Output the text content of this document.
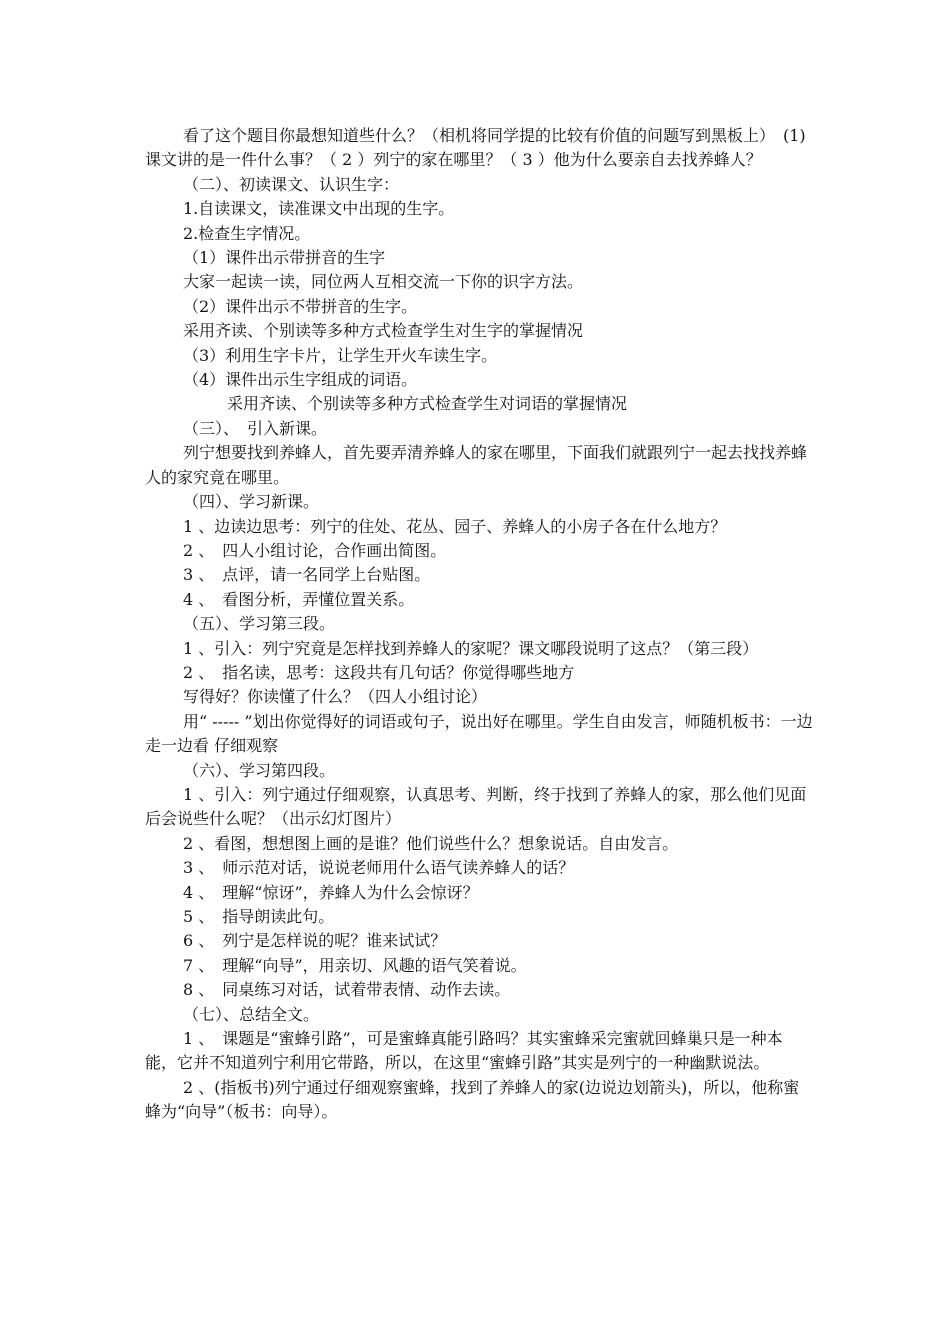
看了这个题目你最想知道些什么？（相机将同学提的比较有价值的问题写到黑板上）　(1) 课文讲的是一件什么事？（ 2 ）列宁的家在哪里？（ 3 ）他为什么要亲自去找养蜂人？

（二）、初读课文、认识生字：

1.自读课文，读准课文中出现的生字。

2.检查生字情况。

（1）课件出示带拼音的生字

大家一起读一读，同位两人互相交流一下你的识字方法。

（2）课件出示不带拼音的生字。

采用齐读、个别读等多种方式检查学生对生字的掌握情况

（3）利用生字卡片，让学生开火车读生字。

（4）课件出示生字组成的词语。

采用齐读、个别读等多种方式检查学生对词语的掌握情况

（三）、　引入新课。

列宁想要找到养蜂人，首先要弄清养蜂人的家在哪里，下面我们就跟列宁一起去找找养蜂人的家究竟在哪里。

（四）、学习新课。

1 、边读边思考：列宁的住处、花丛、园子、养蜂人的小房子各在什么地方？

2 、　四人小组讨论，合作画出简图。

3 、　点评，请一名同学上台贴图。

4 、　看图分析，弄懂位置关系。

（五）、学习第三段。

1 、引入：列宁究竟是怎样找到养蜂人的家呢？课文哪段说明了这点？（第三段）

2 、　指名读，思考：这段共有几句话？你觉得哪些地方

写得好？你读懂了什么？（四人小组讨论）

用“ ----- ”划出你觉得好的词语或句子，说出好在哪里。学生自由发言，师随机板书：一边走一边看 仔细观察

（六）、学习第四段。

1 、引入：列宁通过仔细观察，认真思考、判断，终于找到了养蜂人的家，那么他们见面后会说些什么呢？（出示幻灯图片）

2 、看图，想想图上画的是谁？他们说些什么？想象说话。自由发言。

3 、　师示范对话，说说老师用什么语气读养蜂人的话？

4 、　理解“惊讶”，养蜂人为什么会惊讶？

5 、　指导朗读此句。

6 、　列宁是怎样说的呢？谁来试试？

7 、　理解“向导”，用亲切、风趣的语气笑着说。

8 、　同桌练习对话，试着带表情、动作去读。

（七）、总结全文。

1 、　课题是“蜜蜂引路”，可是蜜蜂真能引路吗？其实蜜蜂采完蜜就回蜂巢只是一种本能，它并不知道列宁利用它带路，所以，在这里“蜜蜂引路”其实是列宁的一种幽默说法。

2 、(指板书)列宁通过仔细观察蜜蜂，找到了养蜂人的家(边说边划箭头)，所以，他称蜜蜂为“向导”（板书：向导）。
